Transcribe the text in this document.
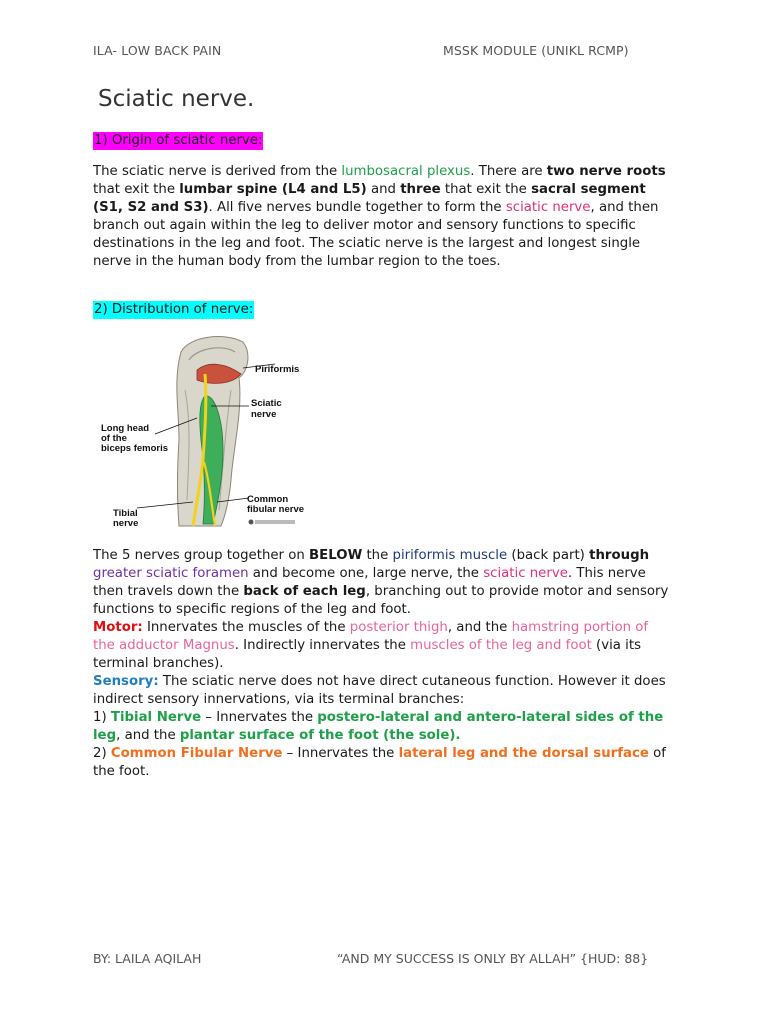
ILA- LOW BACK PAIN	MSSK MODULE (UNIKL RCMP)
Sciatic nerve.
1) Origin of sciatic nerve:

The sciatic nerve is derived from the lumbosacral plexus. There are two nerve roots that exit the lumbar spine (L4 and L5) and three that exit the sacral segment (S1, S2 and S3). All five nerves bundle together to form the sciatic nerve, and then branch out again within the leg to deliver motor and sensory functions to specific destinations in the leg and foot. The sciatic nerve is the largest and longest single nerve in the human body from the lumbar region to the toes.

2) Distribution of nerve:
Piriformis
Sciatic
nerve
Long head
of the
biceps femoris
Tibial
nerve
Common
fibular nerve

The 5 nerves group together on BELOW the piriformis muscle (back part) through greater sciatic foramen and become one, large nerve, the sciatic nerve. This nerve then travels down the back of each leg, branching out to provide motor and sensory functions to specific regions of the leg and foot.

Motor: Innervates the muscles of the posterior thigh, and the hamstring portion of the adductor Magnus. Indirectly innervates the muscles of the leg and foot (via its terminal branches).

Sensory: The sciatic nerve does not have direct cutaneous function. However it does indirect sensory innervations, via its terminal branches:

1) Tibial Nerve – Innervates the postero-lateral and antero-lateral sides of the leg, and the plantar surface of the foot (the sole).

2) Common Fibular Nerve – Innervates the lateral leg and the dorsal surface of the foot.

BY: LAILA AQILAH	“AND MY SUCCESS IS ONLY BY ALLAH” {HUD: 88}
